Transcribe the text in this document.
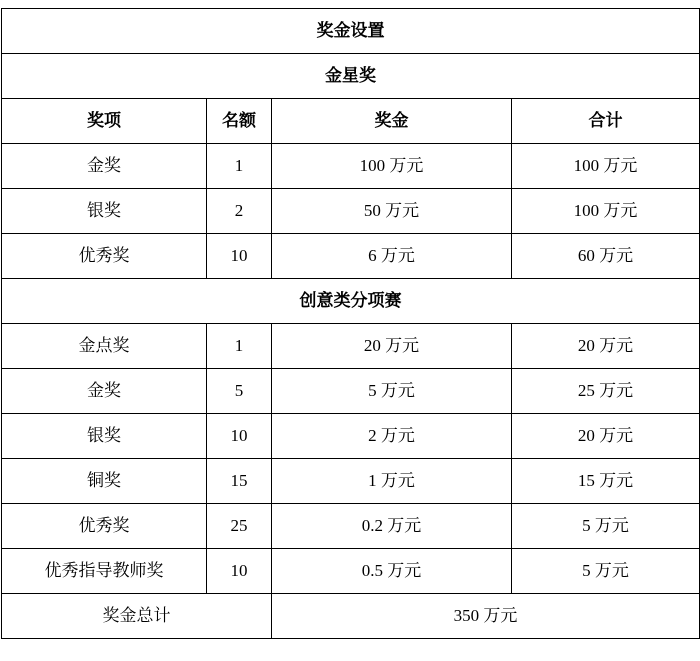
奖金设置			
金星奖			
奖项	名额	奖金	合计
金奖	1	100 万元	100 万元
银奖	2	50 万元	100 万元
优秀奖	10	6 万元	60 万元
创意类分项赛			
金点奖	1	20 万元	20 万元
金奖	5	5 万元	25 万元
银奖	10	2 万元	20 万元
铜奖	15	1 万元	15 万元
优秀奖	25	0.2 万元	5 万元
优秀指导教师奖	10	0.5 万元	5 万元
奖金总计		350 万元	
